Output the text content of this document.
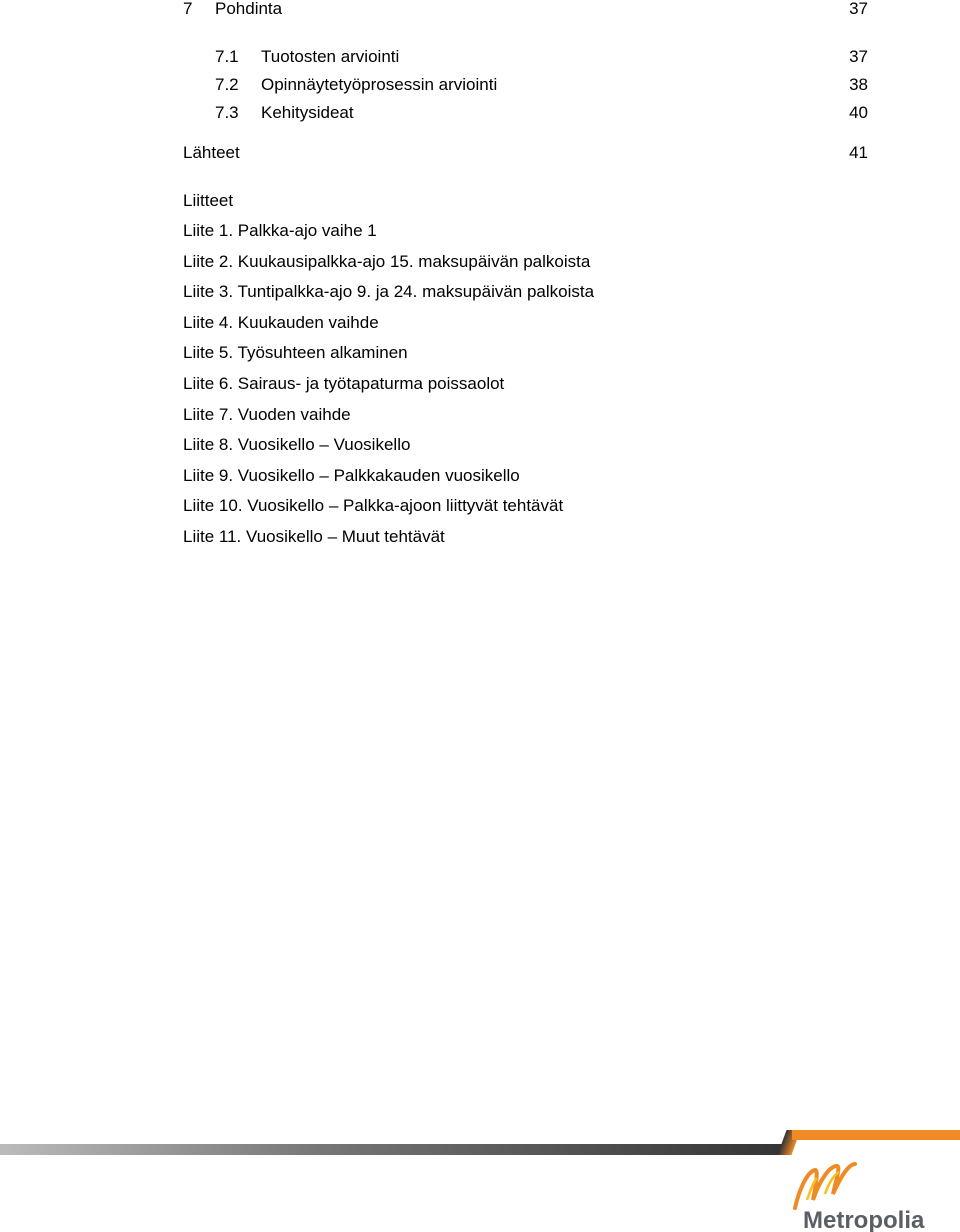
7 Pohdinta	37
7.1 Tuotosten arviointi	37
7.2 Opinnäytetyöprosessin arviointi	38
7.3 Kehitysideat	40
Lähteet	41
Liitteet
Liite 1. Palkka-ajo vaihe 1
Liite 2. Kuukausipalkka-ajo 15. maksupäivän palkoista
Liite 3. Tuntipalkka-ajo 9. ja 24. maksupäivän palkoista
Liite 4. Kuukauden vaihde
Liite 5. Työsuhteen alkaminen
Liite 6. Sairaus- ja työtapaturma poissaolot
Liite 7. Vuoden vaihde
Liite 8. Vuosikello – Vuosikello
Liite 9. Vuosikello – Palkkakauden vuosikello
Liite 10. Vuosikello – Palkka-ajoon liittyvät tehtävät
Liite 11. Vuosikello – Muut tehtävät
Metropolia
